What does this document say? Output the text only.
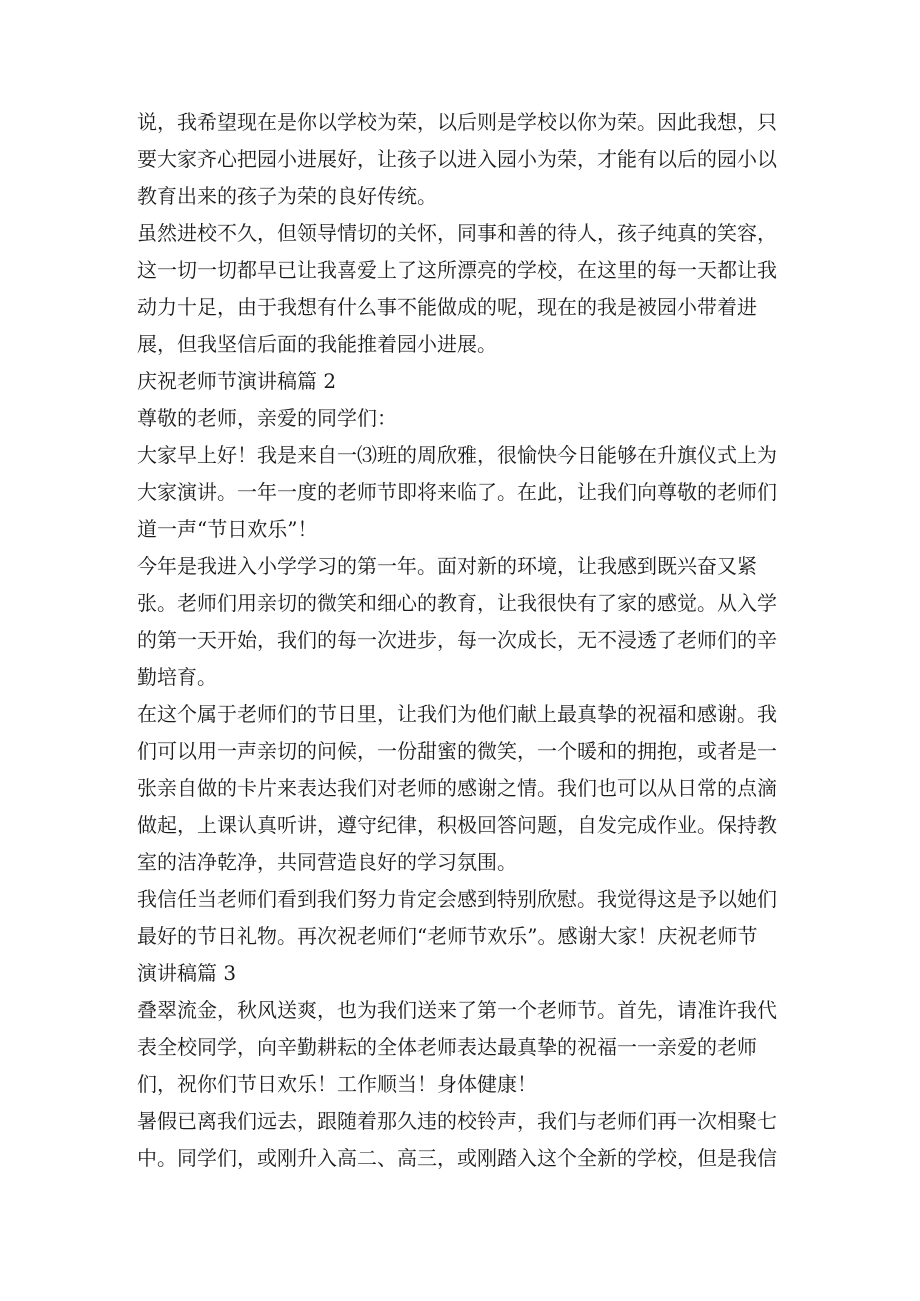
说，我希望现在是你以学校为荣，以后则是学校以你为荣。因此我想，只
要大家齐心把园小进展好，让孩子以进入园小为荣，才能有以后的园小以
教育出来的孩子为荣的良好传统。
虽然进校不久，但领导情切的关怀，同事和善的待人，孩子纯真的笑容，
这一切一切都早已让我喜爱上了这所漂亮的学校，在这里的每一天都让我
动力十足，由于我想有什么事不能做成的呢，现在的我是被园小带着进
展，但我坚信后面的我能推着园小进展。
庆祝老师节演讲稿篇 2
尊敬的老师，亲爱的同学们：
大家早上好！我是来自一⑶班的周欣雅，很愉快今日能够在升旗仪式上为
大家演讲。一年一度的老师节即将来临了。在此，让我们向尊敬的老师们
道一声“节日欢乐”！
今年是我进入小学学习的第一年。面对新的环境，让我感到既兴奋又紧
张。老师们用亲切的微笑和细心的教育，让我很快有了家的感觉。从入学
的第一天开始，我们的每一次进步，每一次成长，无不浸透了老师们的辛
勤培育。
在这个属于老师们的节日里，让我们为他们献上最真挚的祝福和感谢。我
们可以用一声亲切的问候，一份甜蜜的微笑，一个暖和的拥抱，或者是一
张亲自做的卡片来表达我们对老师的感谢之情。我们也可以从日常的点滴
做起，上课认真听讲，遵守纪律，积极回答问题，自发完成作业。保持教
室的洁净乾净，共同营造良好的学习氛围。
我信任当老师们看到我们努力肯定会感到特别欣慰。我觉得这是予以她们
最好的节日礼物。再次祝老师们“老师节欢乐”。感谢大家！庆祝老师节
演讲稿篇 3
叠翠流金，秋风送爽，也为我们送来了第一个老师节。首先，请准许我代
表全校同学，向辛勤耕耘的全体老师表达最真挚的祝福一一亲爱的老师
们，祝你们节日欢乐！工作顺当！身体健康！
暑假已离我们远去，跟随着那久违的校铃声，我们与老师们再一次相聚七
中。同学们，或刚升入高二、高三，或刚踏入这个全新的学校，但是我信
